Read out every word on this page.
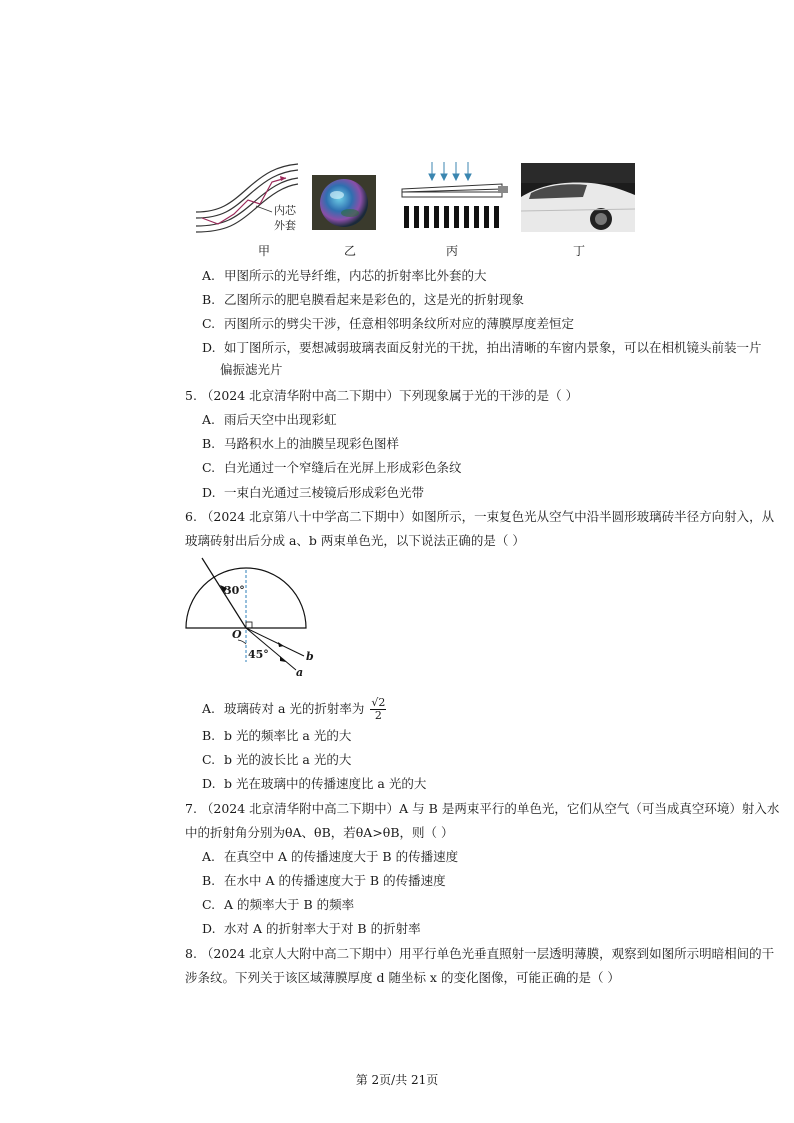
内芯
外套
甲	乙	丙	丁
A. 甲图所示的光导纤维，内芯的折射率比外套的大
B. 乙图所示的肥皂膜看起来是彩色的，这是光的折射现象
C. 丙图所示的劈尖干涉，任意相邻明条纹所对应的薄膜厚度差恒定
D. 如丁图所示，要想减弱玻璃表面反射光的干扰，拍出清晰的车窗内景象，可以在相机镜头前装一片
偏振滤光片
5. （2024 北京清华附中高二下期中）下列现象属于光的干涉的是（ ）
A. 雨后天空中出现彩虹
B. 马路积水上的油膜呈现彩色图样
C. 白光通过一个窄缝后在光屏上形成彩色条纹
D. 一束白光通过三棱镜后形成彩色光带
6. （2024 北京第八十中学高二下期中）如图所示，一束复色光从空气中沿半圆形玻璃砖半径方向射入，从
玻璃砖射出后分成 a、b 两束单色光，以下说法正确的是（ ）
30°
O
45°	b
a
A. 玻璃砖对 a 光的折射率为 $\frac{√2}{2}$
B. b 光的频率比 a 光的大
C. b 光的波长比 a 光的大
D. b 光在玻璃中的传播速度比 a 光的大
7. （2024 北京清华附中高二下期中）A 与 B 是两束平行的单色光，它们从空气（可当成真空环境）射入水
中的折射角分别为θA、θB，若θA>θB，则（ ）
A. 在真空中 A 的传播速度大于 B 的传播速度
B. 在水中 A 的传播速度大于 B 的传播速度
C. A 的频率大于 B 的频率
D. 水对 A 的折射率大于对 B 的折射率
8. （2024 北京人大附中高二下期中）用平行单色光垂直照射一层透明薄膜，观察到如图所示明暗相间的干
涉条纹。下列关于该区域薄膜厚度 d 随坐标 x 的变化图像，可能正确的是（ ）
第 2页/共 21页
